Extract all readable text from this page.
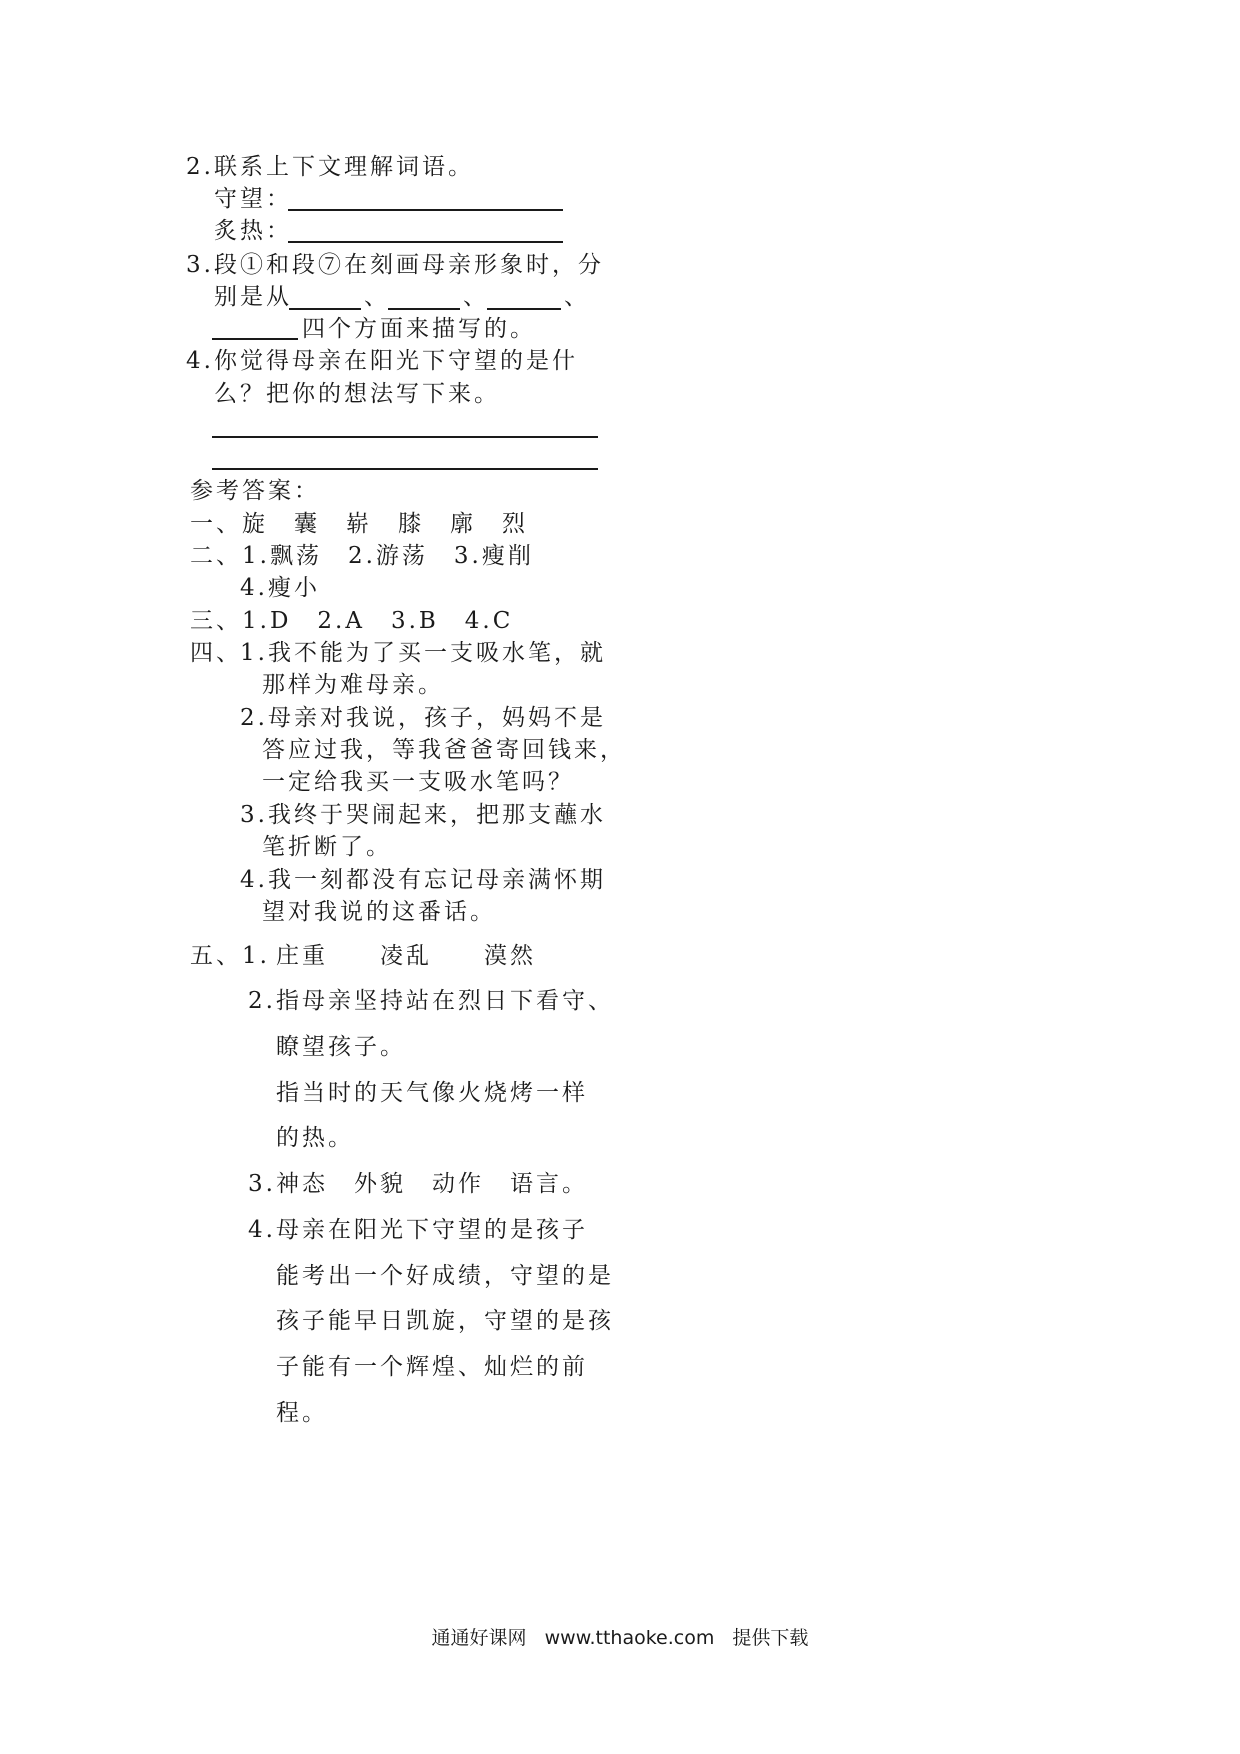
2.联系上下文理解词语。
守望：
炙热：
3.段①和段⑦在刻画母亲形象时，分
别是从	、	、	、
四个方面来描写的。
4.你觉得母亲在阳光下守望的是什
么？把你的想法写下来。
参考答案：
一、旋　囊　崭　膝　廓　烈
二、1.飘荡　2.游荡　3.瘦削
4.瘦小
三、1.D　2.A　3.B　4.C
四、
1.我不能为了买一支吸水笔，就
那样为难母亲。
2.母亲对我说，孩子，妈妈不是
答应过我，等我爸爸寄回钱来，
一定给我买一支吸水笔吗？
3.我终于哭闹起来，把那支蘸水
笔折断了。
4.我一刻都没有忘记母亲满怀期
望对我说的这番话。
五、1. 庄重　　凌乱　　漠然
2.指母亲坚持站在烈日下看守、
瞭望孩子。
指当时的天气像火烧烤一样
的热。
3.神态　外貌　动作　语言。
4.母亲在阳光下守望的是孩子
能考出一个好成绩，守望的是
孩子能早日凯旋，守望的是孩
子能有一个辉煌、灿烂的前
程。
通通好课网 www.tthaoke.com 提供下载
